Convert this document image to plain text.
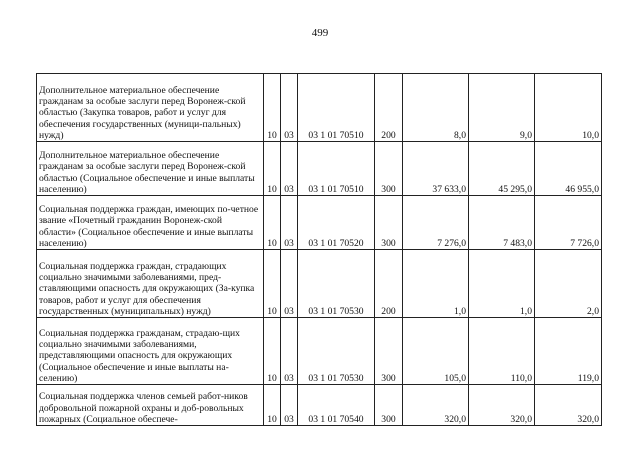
499
Дополнительное материальное обеспечение гражданам за особые заслуги перед Воронеж-ской областью (Закупка товаров, работ и услуг для обеспечения государственных (муници-пальных) нужд)	10	03	03 1 01 70510	200	8,0	9,0	10,0
Дополнительное материальное обеспечение гражданам за особые заслуги перед Воронеж-ской областью (Социальное обеспечение и иные выплаты населению)	10	03	03 1 01 70510	300	37 633,0	45 295,0	46 955,0
Социальная поддержка граждан, имеющих по-четное звание «Почетный гражданин Воронеж-ской области» (Социальное обеспечение и иные выплаты населению)	10	03	03 1 01 70520	300	7 276,0	7 483,0	7 726,0
Социальная поддержка граждан, страдающих социально значимыми заболеваниями, пред-ставляющими опасность для окружающих (За-купка товаров, работ и услуг для обеспечения государственных (муниципальных) нужд)	10	03	03 1 01 70530	200	1,0	1,0	2,0
Социальная поддержка гражданам, страдаю-щих социально значимыми заболеваниями, представляющими опасность для окружающих (Социальное обеспечение и иные выплаты на-селению)	10	03	03 1 01 70530	300	105,0	110,0	119,0
Социальная поддержка членов семьей работ-ников добровольной пожарной охраны и доб-ровольных пожарных (Социальное обеспече-	10	03	03 1 01 70540	300	320,0	320,0	320,0
